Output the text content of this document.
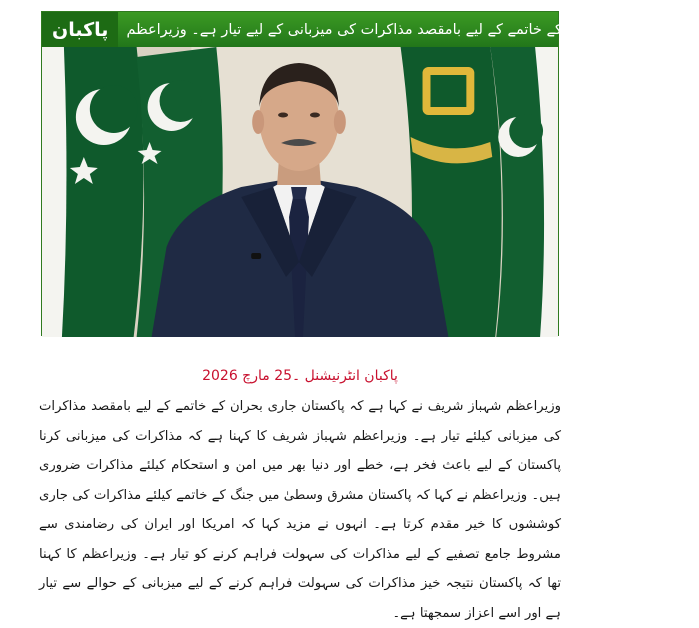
پاکبان	پاکستان جاری بحران کے خاتمے کے لیے بامقصد مذاکرات کی میزبانی کے لیے تیار ہے۔ وزیراعظم
پاکبان انٹرنیشنل ۔25 مارچ 2026

وزیراعظم شہباز شریف نے کہا ہے کہ پاکستان جاری بحران کے خاتمے کے لیے بامقصد مذاکرات کی میزبانی کیلئے تیار ہے۔ وزیراعظم شہباز شریف کا کہنا ہے کہ مذاکرات کی میزبانی کرنا پاکستان کے لیے باعث فخر ہے، خطے اور دنیا بھر میں امن و استحکام کیلئے مذاکرات ضروری ہیں۔ وزیراعظم نے کہا کہ پاکستان مشرق وسطیٰ میں جنگ کے خاتمے کیلئے مذاکرات کی جاری کوششوں کا خیر مقدم کرتا ہے۔ انہوں نے مزید کہا کہ امریکا اور ایران کی رضامندی سے مشروط جامع تصفیے کے لیے مذاکرات کی سہولت فراہم کرنے کو تیار ہے۔ وزیراعظم کا کہنا تھا کہ پاکستان نتیجہ خیز مذاکرات کی سہولت فراہم کرنے کے لیے میزبانی کے حوالے سے تیار ہے اور اسے اعزاز سمجھتا ہے۔
